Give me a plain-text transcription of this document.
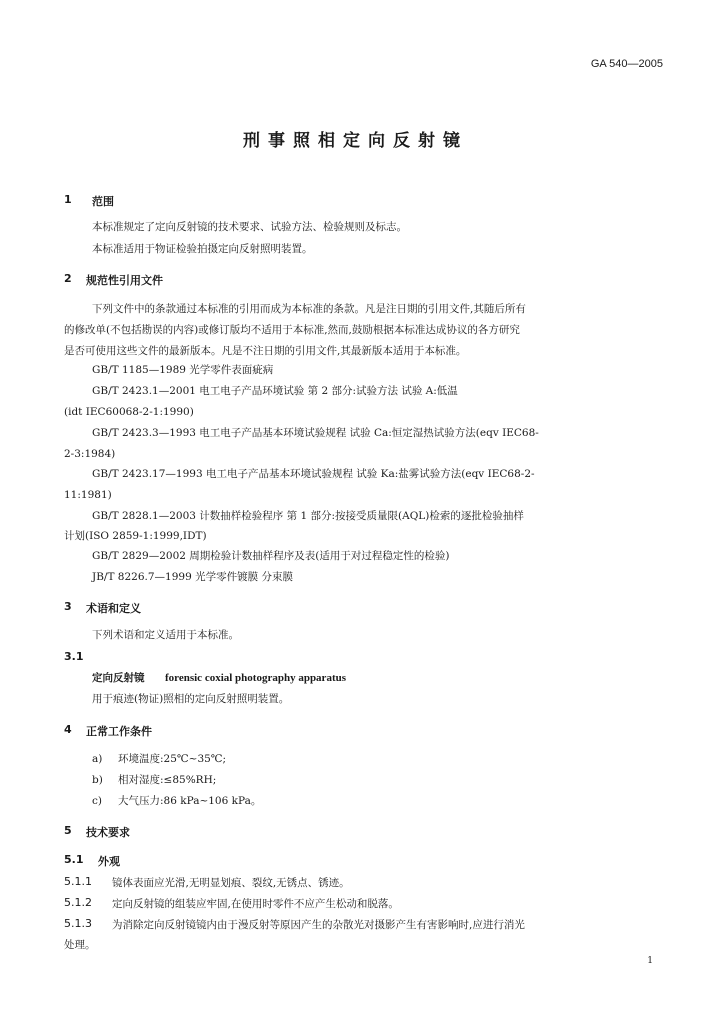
GA 540—2005
刑事照相定向反射镜
1 范围
本标准规定了定向反射镜的技术要求、试验方法、检验规则及标志。
本标准适用于物证检验拍摄定向反射照明装置。
2 规范性引用文件
下列文件中的条款通过本标准的引用而成为本标准的条款。凡是注日期的引用文件,其随后所有
的修改单(不包括勘误的内容)或修订版均不适用于本标准,然而,鼓励根据本标准达成协议的各方研究
是否可使用这些文件的最新版本。凡是不注日期的引用文件,其最新版本适用于本标准。
GB/T 1185—1989 光学零件表面疵病
GB/T 2423.1—2001 电工电子产品环境试验 第 2 部分:试验方法 试验 A:低温
(idt IEC60068-2-1:1990)
GB/T 2423.3—1993 电工电子产品基本环境试验规程 试验 Ca:恒定湿热试验方法(eqv IEC68-
2-3:1984)
GB/T 2423.17—1993 电工电子产品基本环境试验规程 试验 Ka:盐雾试验方法(eqv IEC68-2-
11:1981)
GB/T 2828.1—2003 计数抽样检验程序 第 1 部分:按接受质量限(AQL)检索的逐批检验抽样
计划(ISO 2859-1:1999,IDT)
GB/T 2829—2002 周期检验计数抽样程序及表(适用于对过程稳定性的检验)
JB/T 8226.7—1999 光学零件镀膜 分束膜
3 术语和定义
下列术语和定义适用于本标准。
3.1
定向反射镜 forensic coxial photography apparatus
用于痕迹(物证)照相的定向反射照明装置。
4 正常工作条件
a) 环境温度:25℃~35℃;
b) 相对湿度:≤85%RH;
c) 大气压力:86 kPa~106 kPa。
5 技术要求
5.1 外观
5.1.1 镜体表面应光滑,无明显划痕、裂纹,无锈点、锈迹。
5.1.2 定向反射镜的组装应牢固,在使用时零件不应产生松动和脱落。
5.1.3 为消除定向反射镜镜内由于漫反射等原因产生的杂散光对摄影产生有害影响时,应进行消光
处理。
1
